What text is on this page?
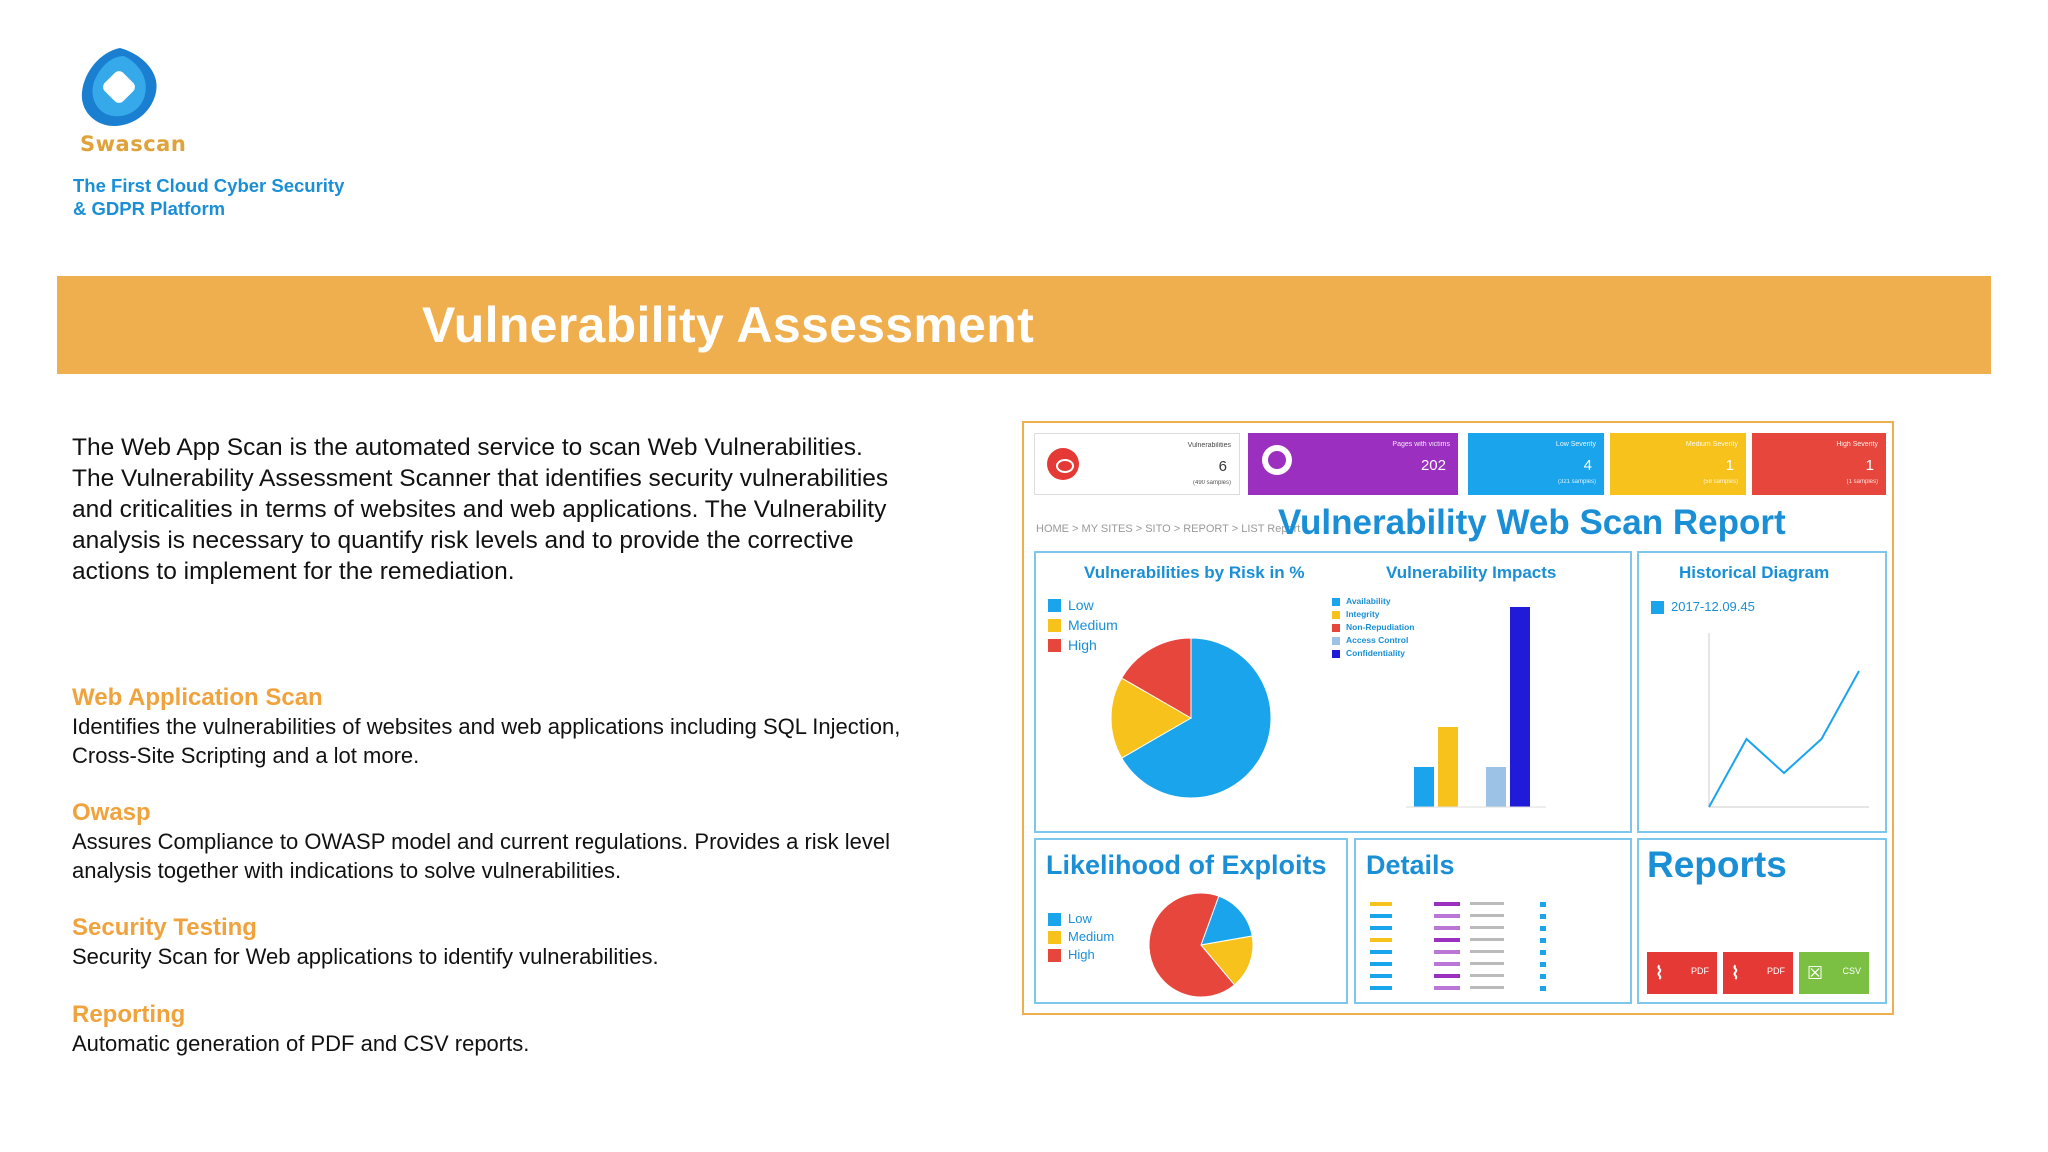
Swascan
The First Cloud Cyber Security
& GDPR Platform
Vulnerability Assessment
The Web App Scan is the automated service to scan Web Vulnerabilities. The Vulnerability Assessment Scanner that identifies security vulnerabilities and criticalities in terms of websites and web applications. The Vulnerability analysis is necessary to quantify risk levels and to provide the corrective actions to implement for the remediation.
Web Application Scan

Identifies the vulnerabilities of websites and web applications including SQL Injection, Cross-Site Scripting and a lot more.

Owasp

Assures Compliance to OWASP model and current regulations. Provides a risk level analysis together with indications to solve vulnerabilities.

Security Testing

Security Scan for Web applications to identify vulnerabilities.

Reporting

Automatic generation of PDF and CSV reports.

Vulnerabilities
6
(490 samples)
Pages with victims
202
Low Severity
4
(321 samples)
Medium Severity
1
(58 samples)
High Severity
1
(1 samples)
HOME > MY SITES > SITO > REPORT > LIST Report
Vulnerability Web Scan Report
Vulnerabilities by Risk in %	Vulnerability Impacts
Low
Medium
High
Availability
Integrity
Non-Repudiation
Access Control
Confidentiality
Historical Diagram
2017-12.09.45
Likelihood of Exploits
Low
Medium
High
Details	Reports
⌇	PDF ⌇	PDF ☒ CSV
